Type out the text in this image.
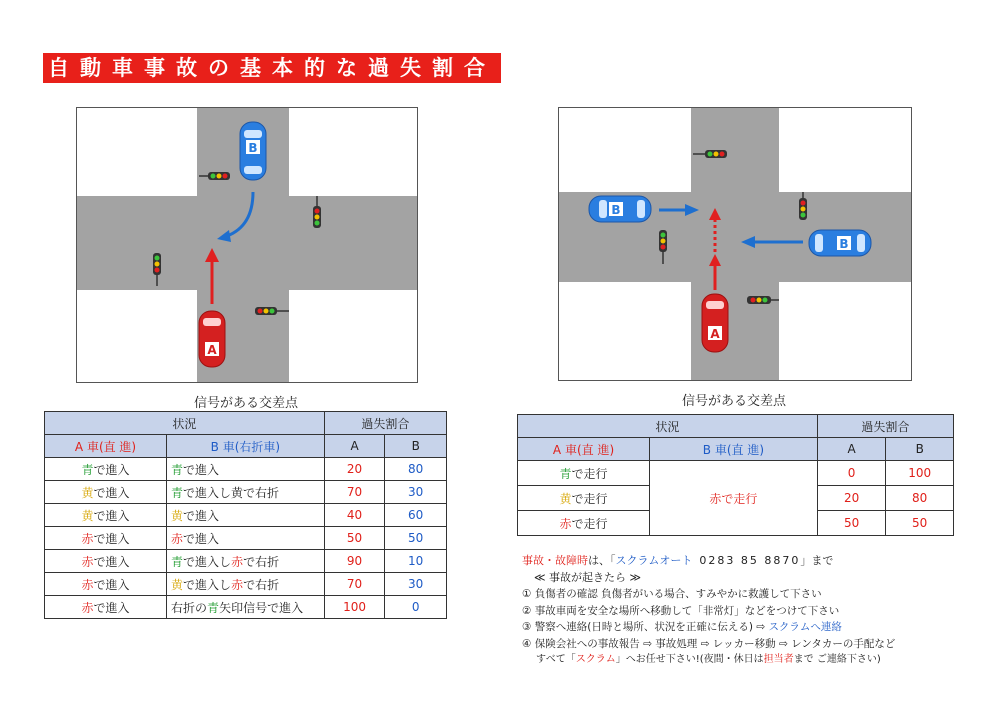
自動車事故の基本的な過失割合
B
A
信号がある交差点
B
B
A
信号がある交差点
状況		過失割合	
A 車(直 進)	B 車(右折車)	A	B
青で進入	青で進入	20	80
黄で進入	青で進入し黄で右折	70	30
黄で進入	黄で進入	40	60
赤で進入	赤で進入	50	50
赤で進入	青で進入し赤で右折	90	10
赤で進入	黄で進入し赤で右折	70	30
赤で進入	右折の青矢印信号で進入	100	0
状況		過失割合	
A 車(直 進)	B 車(直 進)	A	B
青で走行	赤で走行	0	100
黄で走行		20	80
赤で走行		50	50
事故・故障時は、「スクラムオート 0283 85 8870」まで
≪ 事故が起きたら ≫
① 負傷者の確認 負傷者がいる場合、すみやかに救護して下さい
② 事故車両を安全な場所へ移動して「非常灯」などをつけて下さい
③ 警察へ連絡(日時と場所、状況を正確に伝える) ⇨ スクラムへ連絡
④ 保険会社への事故報告 ⇨ 事故処理 ⇨ レッカー移動 ⇨ レンタカーの手配など
すべて「スクラム」へお任せ下さい!(夜間・休日は担当者まで ご連絡下さい)
